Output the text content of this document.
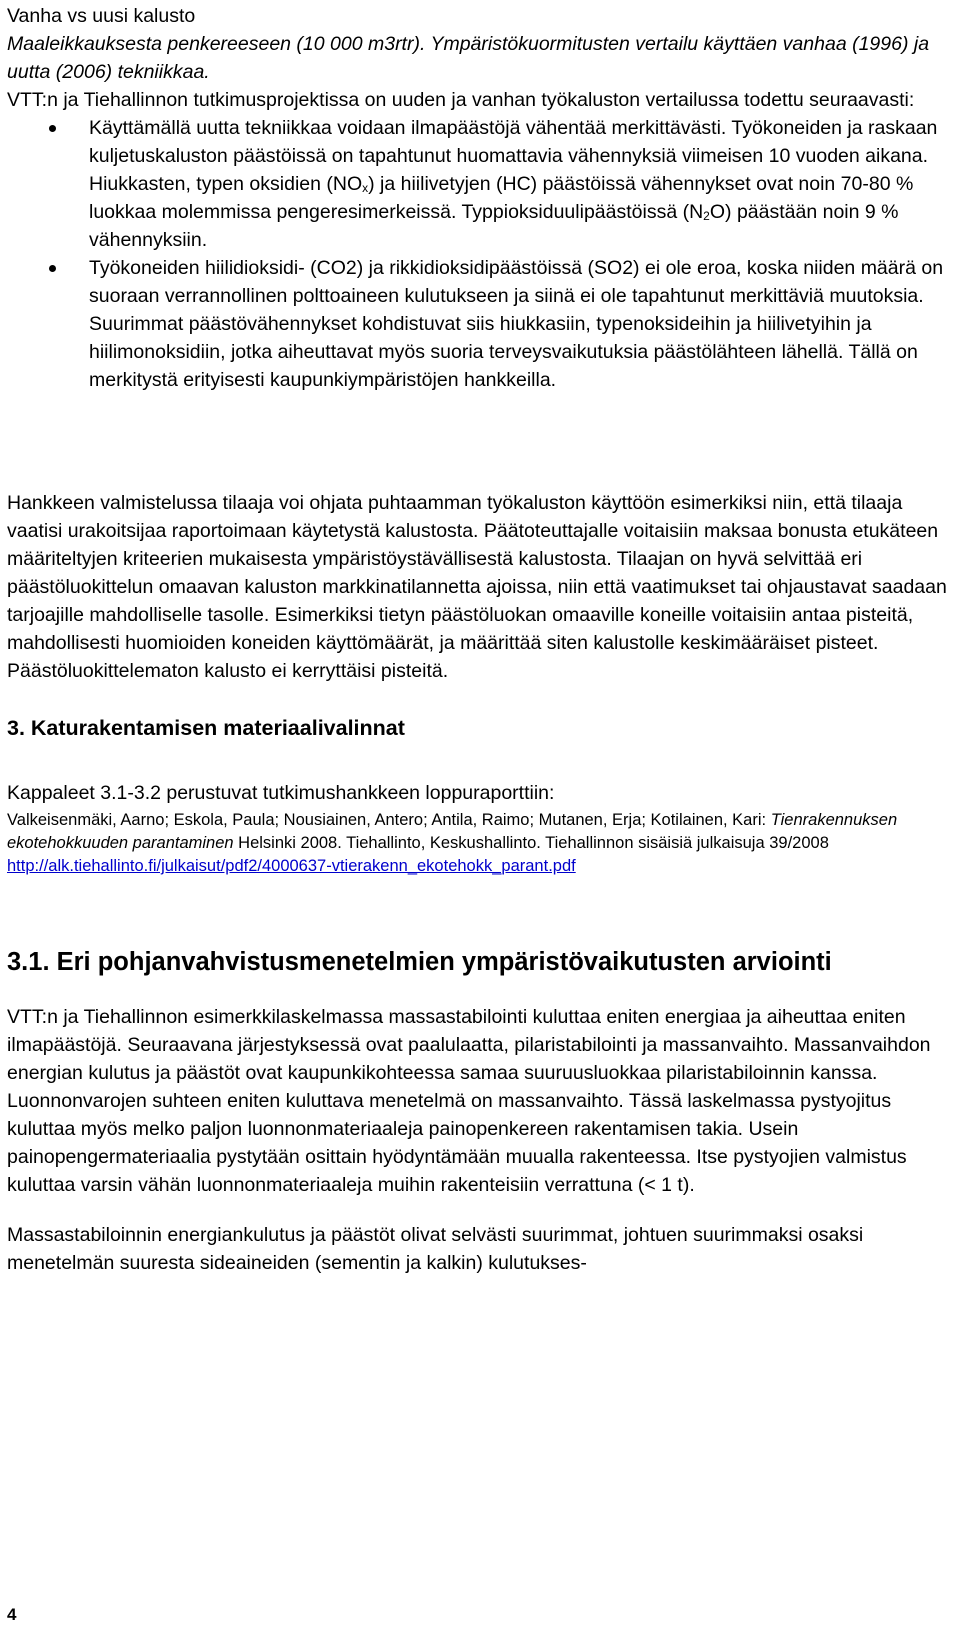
Vanha vs uusi kalusto

Maaleikkauksesta penkereeseen (10 000 m3rtr). Ympäristökuormitusten vertailu käyttäen vanhaa (1996) ja uutta (2006) tekniikkaa.

VTT:n ja Tiehallinnon tutkimusprojektissa on uuden ja vanhan työkaluston vertailussa todettu seuraavasti:

Käyttämällä uutta tekniikkaa voidaan ilmapäästöjä vähentää merkittävästi. Työkoneiden ja raskaan kuljetuskaluston päästöissä on tapahtunut huomattavia vähennyksiä viimeisen 10 vuoden aikana. Hiukkasten, typen oksidien $(NO_x)$ ja hiilivetyjen (HC) päästöissä vähennykset ovat noin 70-80 % luokkaa molemmissa pengeresimerkeissä. Typpioksiduulipäästöissä $(N_2O)$ päästään noin 9 % vähennyksiin.
Työkoneiden hiilidioksidi- (CO2) ja rikkidioksidipäästöissä (SO2) ei ole eroa, koska niiden määrä on suoraan verrannollinen polttoaineen kulutukseen ja siinä ei ole tapahtunut merkittäviä muutoksia. Suurimmat päästövähennykset kohdistuvat siis hiukkasiin, typenoksideihin ja hiilivetyihin ja hiilimonoksidiin, jotka aiheuttavat myös suoria terveysvaikutuksia päästölähteen lähellä. Tällä on merkitystä erityisesti kaupunkiympäristöjen hankkeilla.

Hankkeen valmistelussa tilaaja voi ohjata puhtaamman työkaluston käyttöön esimerkiksi niin, että tilaaja vaatisi urakoitsijaa raportoimaan käytetystä kalustosta. Päätoteuttajalle voitaisiin maksaa bonusta etukäteen määriteltyjen kriteerien mukaisesta ympäristöystävällisestä kalustosta. Tilaajan on hyvä selvittää eri päästöluokittelun omaavan kaluston markkinatilannetta ajoissa, niin että vaatimukset tai ohjaustavat saadaan tarjoajille mahdolliselle tasolle. Esimerkiksi tietyn päästöluokan omaaville koneille voitaisiin antaa pisteitä, mahdollisesti huomioiden koneiden käyttömäärät, ja määrittää siten kalustolle keskimääräiset pisteet. Päästöluokittelematon kalusto ei kerryttäisi pisteitä.

3. Katurakentamisen materiaalivalinnat

Kappaleet 3.1-3.2 perustuvat tutkimushankkeen loppuraporttiin:

Valkeisenmäki, Aarno; Eskola, Paula; Nousiainen, Antero; Antila, Raimo; Mutanen, Erja; Kotilainen, Kari: Tienrakennuksen ekotehokkuuden parantaminen Helsinki 2008. Tiehallinto, Keskushallinto. Tiehallinnon sisäisiä julkaisuja 39/2008 http://alk.tiehallinto.fi/julkaisut/pdf2/4000637-vtierakenn_ekotehokk_parant.pdf

3.1. Eri pohjanvahvistusmenetelmien ympäristövaikutusten arviointi

VTT:n ja Tiehallinnon esimerkkilaskelmassa massastabilointi kuluttaa eniten energiaa ja aiheuttaa eniten ilmapäästöjä. Seuraavana järjestyksessä ovat paalulaatta, pilaristabilointi ja massanvaihto. Massanvaihdon energian kulutus ja päästöt ovat kaupunkikohteessa samaa suuruusluokkaa pilaristabiloinnin kanssa. Luonnonvarojen suhteen eniten kuluttava menetelmä on massanvaihto. Tässä laskelmassa pystyojitus kuluttaa myös melko paljon luonnonmateriaaleja painopenkereen rakentamisen takia. Usein painopengermateriaalia pystytään osittain hyödyntämään muualla rakenteessa. Itse pystyojien valmistus kuluttaa varsin vähän luonnonmateriaaleja muihin rakenteisiin verrattuna (< 1 t).

Massastabiloinnin energiankulutus ja päästöt olivat selvästi suurimmat, johtuen suurimmaksi osaksi menetelmän suuresta sideaineiden (sementin ja kalkin) kulutukses-

4
